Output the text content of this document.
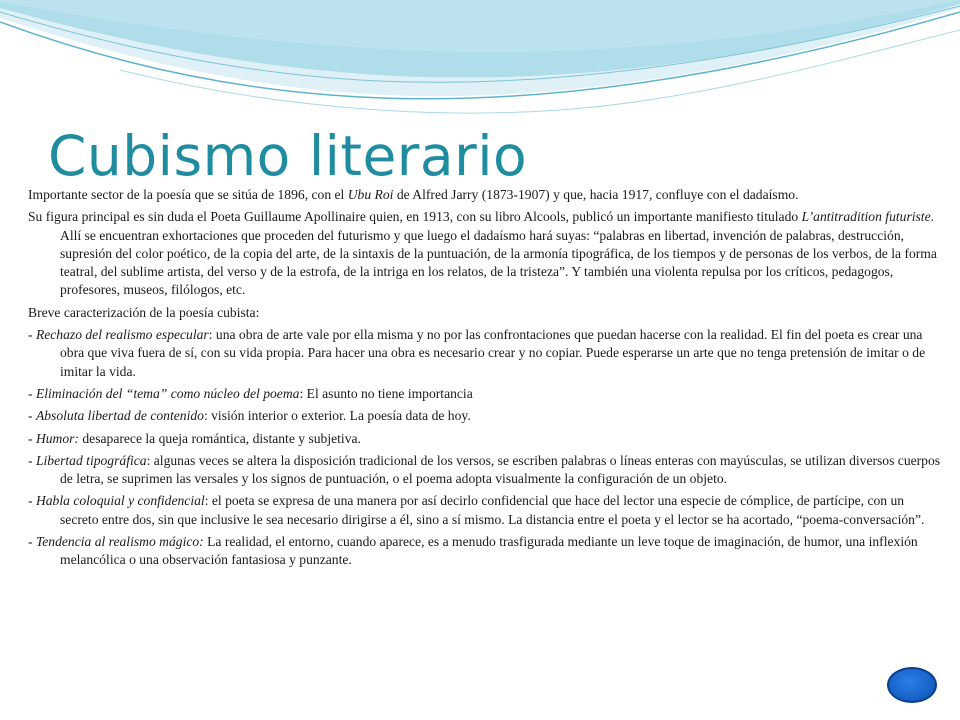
Cubismo literario

Importante sector de la poesía que se sitúa de 1896, con el Ubu Roi de Alfred Jarry (1873-1907) y que, hacia 1917, confluye con el dadaísmo.

Su figura principal es sin duda el Poeta Guillaume Apollinaire quien, en 1913, con su libro Alcools, publicó un importante manifiesto titulado L’antitradition futuriste. Allí se encuentran exhortaciones que proceden del futurismo y que luego el dadaísmo hará suyas: “palabras en libertad, invención de palabras, destrucción, supresión del color poético, de la copia del arte, de la sintaxis de la puntuación, de la armonía tipográfica, de los tiempos y de personas de los verbos, de la forma teatral, del sublime artista, del verso y de la estrofa, de la intriga en los relatos, de la tristeza”. Y también una violenta repulsa por los críticos, pedagogos, profesores, museos, filólogos, etc.

Breve caracterización de la poesía cubista:

- Rechazo del realismo especular: una obra de arte vale por ella misma y no por las confrontaciones que puedan hacerse con la realidad. El fin del poeta es crear una obra que viva fuera de sí, con su vida propia. Para hacer una obra es necesario crear y no copiar. Puede esperarse un arte que no tenga pretensión de imitar o de imitar la vida.

- Eliminación del “tema” como núcleo del poema: El asunto no tiene importancia

- Absoluta libertad de contenido: visión interior o exterior. La poesía data de hoy.

- Humor: desaparece la queja romántica, distante y subjetiva.

- Libertad tipográfica: algunas veces se altera la disposición tradicional de los versos, se escriben palabras o líneas enteras con mayúsculas, se utilizan diversos cuerpos de letra, se suprimen las versales y los signos de puntuación, o el poema adopta visualmente la configuración de un objeto.

- Habla coloquial y confidencial: el poeta se expresa de una manera por así decirlo confidencial que hace del lector una especie de cómplice, de partícipe, con un secreto entre dos, sin que inclusive le sea necesario dirigirse a él, sino a sí mismo. La distancia entre el poeta y el lector se ha acortado, “poema-conversación”.

- Tendencia al realismo mágico: La realidad, el entorno, cuando aparece, es a menudo trasfigurada mediante un leve toque de imaginación, de humor, una inflexión melancólica o una observación fantasiosa y punzante.
